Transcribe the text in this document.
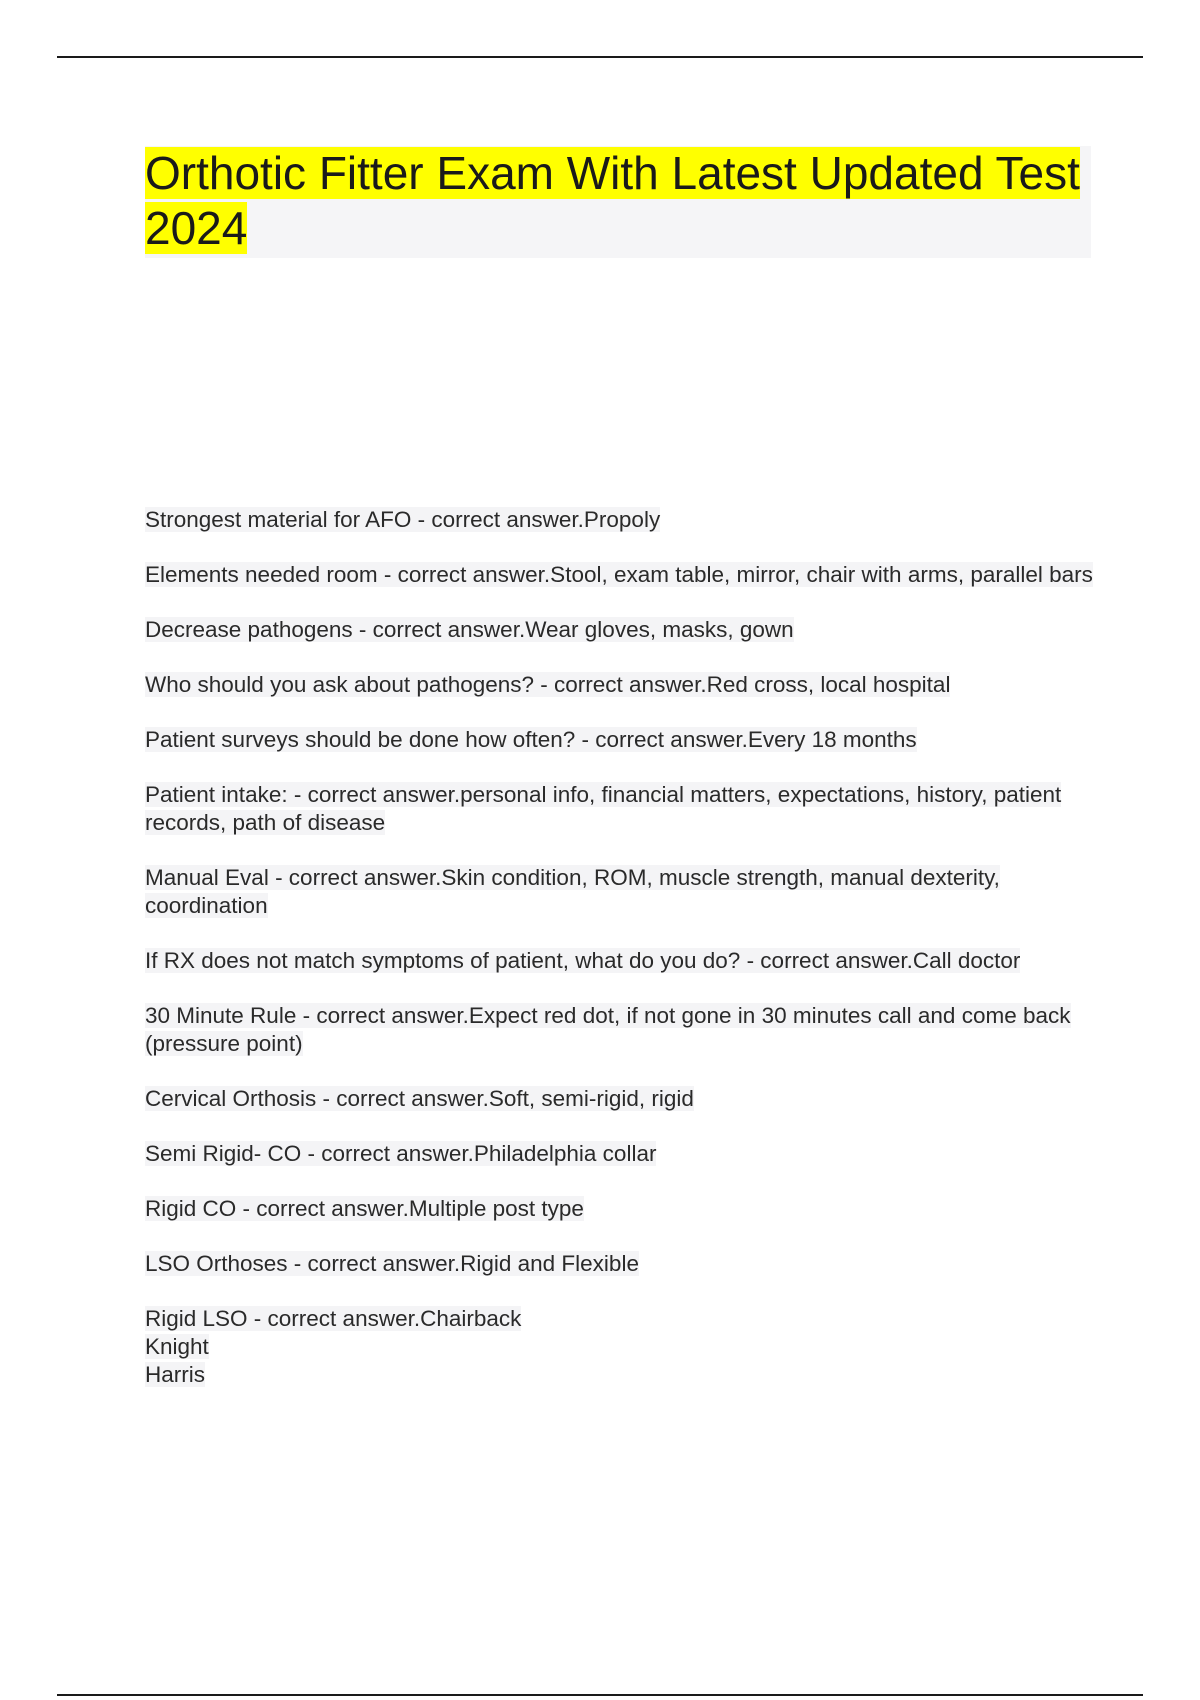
Orthotic Fitter Exam With Latest Updated Test 2024
Strongest material for AFO - correct answer.Propoly
Elements needed room - correct answer.Stool, exam table, mirror, chair with arms, parallel bars
Decrease pathogens - correct answer.Wear gloves, masks, gown
Who should you ask about pathogens? - correct answer.Red cross, local hospital
Patient surveys should be done how often? - correct answer.Every 18 months
Patient intake: - correct answer.personal info, financial matters, expectations, history, patient records, path of disease
Manual Eval - correct answer.Skin condition, ROM, muscle strength, manual dexterity, coordination
If RX does not match symptoms of patient, what do you do? - correct answer.Call doctor
30 Minute Rule - correct answer.Expect red dot, if not gone in 30 minutes call and come back (pressure point)
Cervical Orthosis - correct answer.Soft, semi-rigid, rigid
Semi Rigid- CO - correct answer.Philadelphia collar
Rigid CO - correct answer.Multiple post type
LSO Orthoses - correct answer.Rigid and Flexible
Rigid LSO - correct answer.Chairback
Knight
Harris
